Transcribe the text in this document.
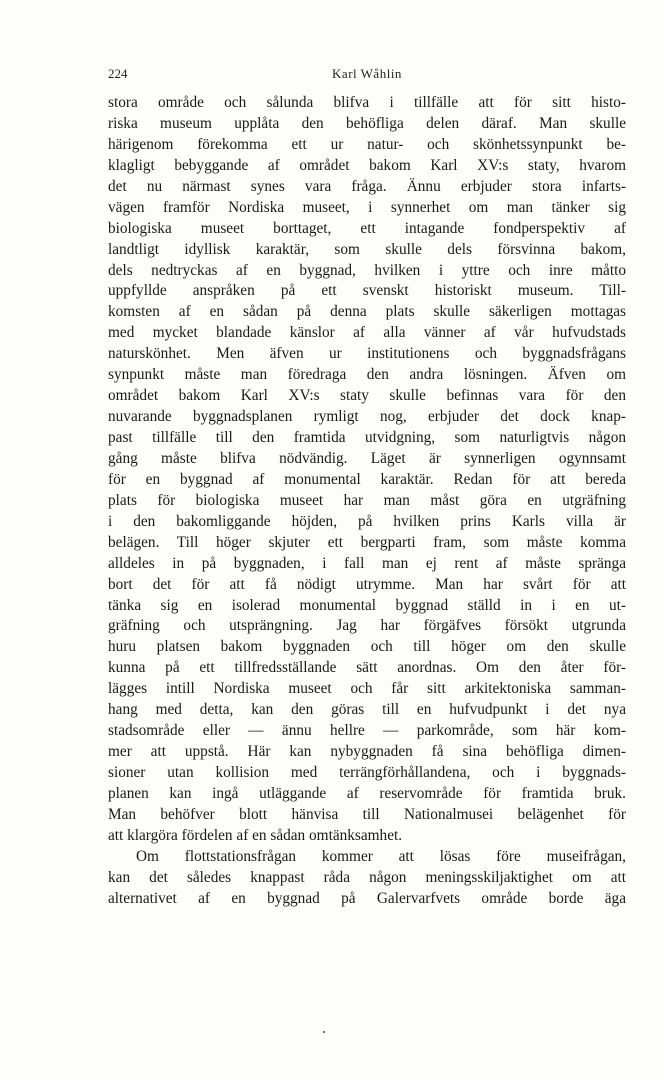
224	Karl Wåhlin
stora område och sålunda blifva i tillfälle att för sitt histo-
riska museum upplåta den behöfliga delen däraf. Man skulle
härigenom förekomma ett ur natur- och skönhetssynpunkt be-
klagligt bebyggande af området bakom Karl XV:s staty, hvarom
det nu närmast synes vara fråga. Ännu erbjuder stora infarts-
vägen framför Nordiska museet, i synnerhet om man tänker sig
biologiska museet borttaget, ett intagande fondperspektiv af
landtligt idyllisk karaktär, som skulle dels försvinna bakom,
dels nedtryckas af en byggnad, hvilken i yttre och inre måtto
uppfyllde anspråken på ett svenskt historiskt museum. Till-
komsten af en sådan på denna plats skulle säkerligen mottagas
med mycket blandade känslor af alla vänner af vår hufvudstads
naturskönhet. Men äfven ur institutionens och byggnadsfrågans
synpunkt måste man föredraga den andra lösningen. Äfven om
området bakom Karl XV:s staty skulle befinnas vara för den
nuvarande byggnadsplanen rymligt nog, erbjuder det dock knap-
past tillfälle till den framtida utvidgning, som naturligtvis någon
gång måste blifva nödvändig. Läget är synnerligen ogynnsamt
för en byggnad af monumental karaktär. Redan för att bereda
plats för biologiska museet har man måst göra en utgräfning
i den bakomliggande höjden, på hvilken prins Karls villa är
belägen. Till höger skjuter ett bergparti fram, som måste komma
alldeles in på byggnaden, i fall man ej rent af måste spränga
bort det för att få nödigt utrymme. Man har svårt för att
tänka sig en isolerad monumental byggnad ställd in i en ut-
gräfning och utsprängning. Jag har förgäfves försökt utgrunda
huru platsen bakom byggnaden och till höger om den skulle
kunna på ett tillfredsställande sätt anordnas. Om den åter för-
lägges intill Nordiska museet och får sitt arkitektoniska samman-
hang med detta, kan den göras till en hufvudpunkt i det nya
stadsområde eller — ännu hellre — parkområde, som här kom-
mer att uppstå. Här kan nybyggnaden få sina behöfliga dimen-
sioner utan kollision med terrängförhållandena, och i byggnads-
planen kan ingå utläggande af reservområde för framtida bruk.
Man behöfver blott hänvisa till Nationalmusei belägenhet för
att klargöra fördelen af en sådan omtänksamhet.
Om flottstationsfrågan kommer att lösas före museifrågan,
kan det således knappast råda någon meningsskiljaktighet om att
alternativet af en byggnad på Galervarfvets område borde äga
